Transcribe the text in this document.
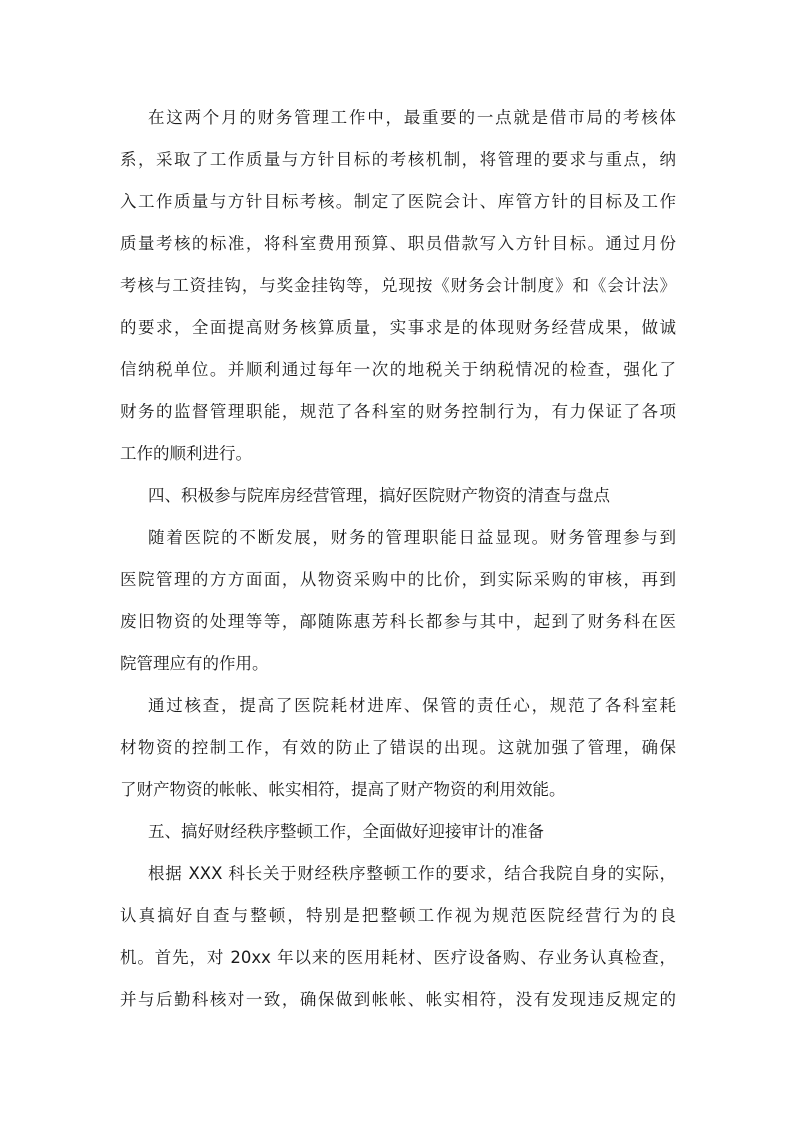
在这两个月的财务管理工作中，最重要的一点就是借市局的考核体
系，采取了工作质量与方针目标的考核机制，将管理的要求与重点，纳
入工作质量与方针目标考核。制定了医院会计、库管方针的目标及工作
质量考核的标准，将科室费用预算、职员借款写入方针目标。通过月份
考核与工资挂钩，与奖金挂钩等，兑现按《财务会计制度》和《会计法》
的要求，全面提高财务核算质量，实事求是的体现财务经营成果，做诚
信纳税单位。并顺利通过每年一次的地税关于纳税情况的检查，强化了
财务的监督管理职能，规范了各科室的财务控制行为，有力保证了各项
工作的顺利进行。
四、积极参与院库房经营管理，搞好医院财产物资的清查与盘点
随着医院的不断发展，财务的管理职能日益显现。财务管理参与到
医院管理的方方面面，从物资采购中的比价，到实际采购的审核，再到
废旧物资的处理等等，鄗随陈惠芳科长都参与其中，起到了财务科在医
院管理应有的作用。
通过核查，提高了医院耗材进库、保管的责任心，规范了各科室耗
材物资的控制工作，有效的防止了错误的出现。这就加强了管理，确保
了财产物资的帐帐、帐实相符，提高了财产物资的利用效能。
五、搞好财经秩序整顿工作，全面做好迎接审计的准备
根据 XXX 科长关于财经秩序整顿工作的要求，结合我院自身的实际，
认真搞好自查与整顿，特别是把整顿工作视为规范医院经营行为的良
机。首先，对 20xx 年以来的医用耗材、医疗设备购、存业务认真检查，
并与后勤科核对一致，确保做到帐帐、帐实相符，没有发现违反规定的
